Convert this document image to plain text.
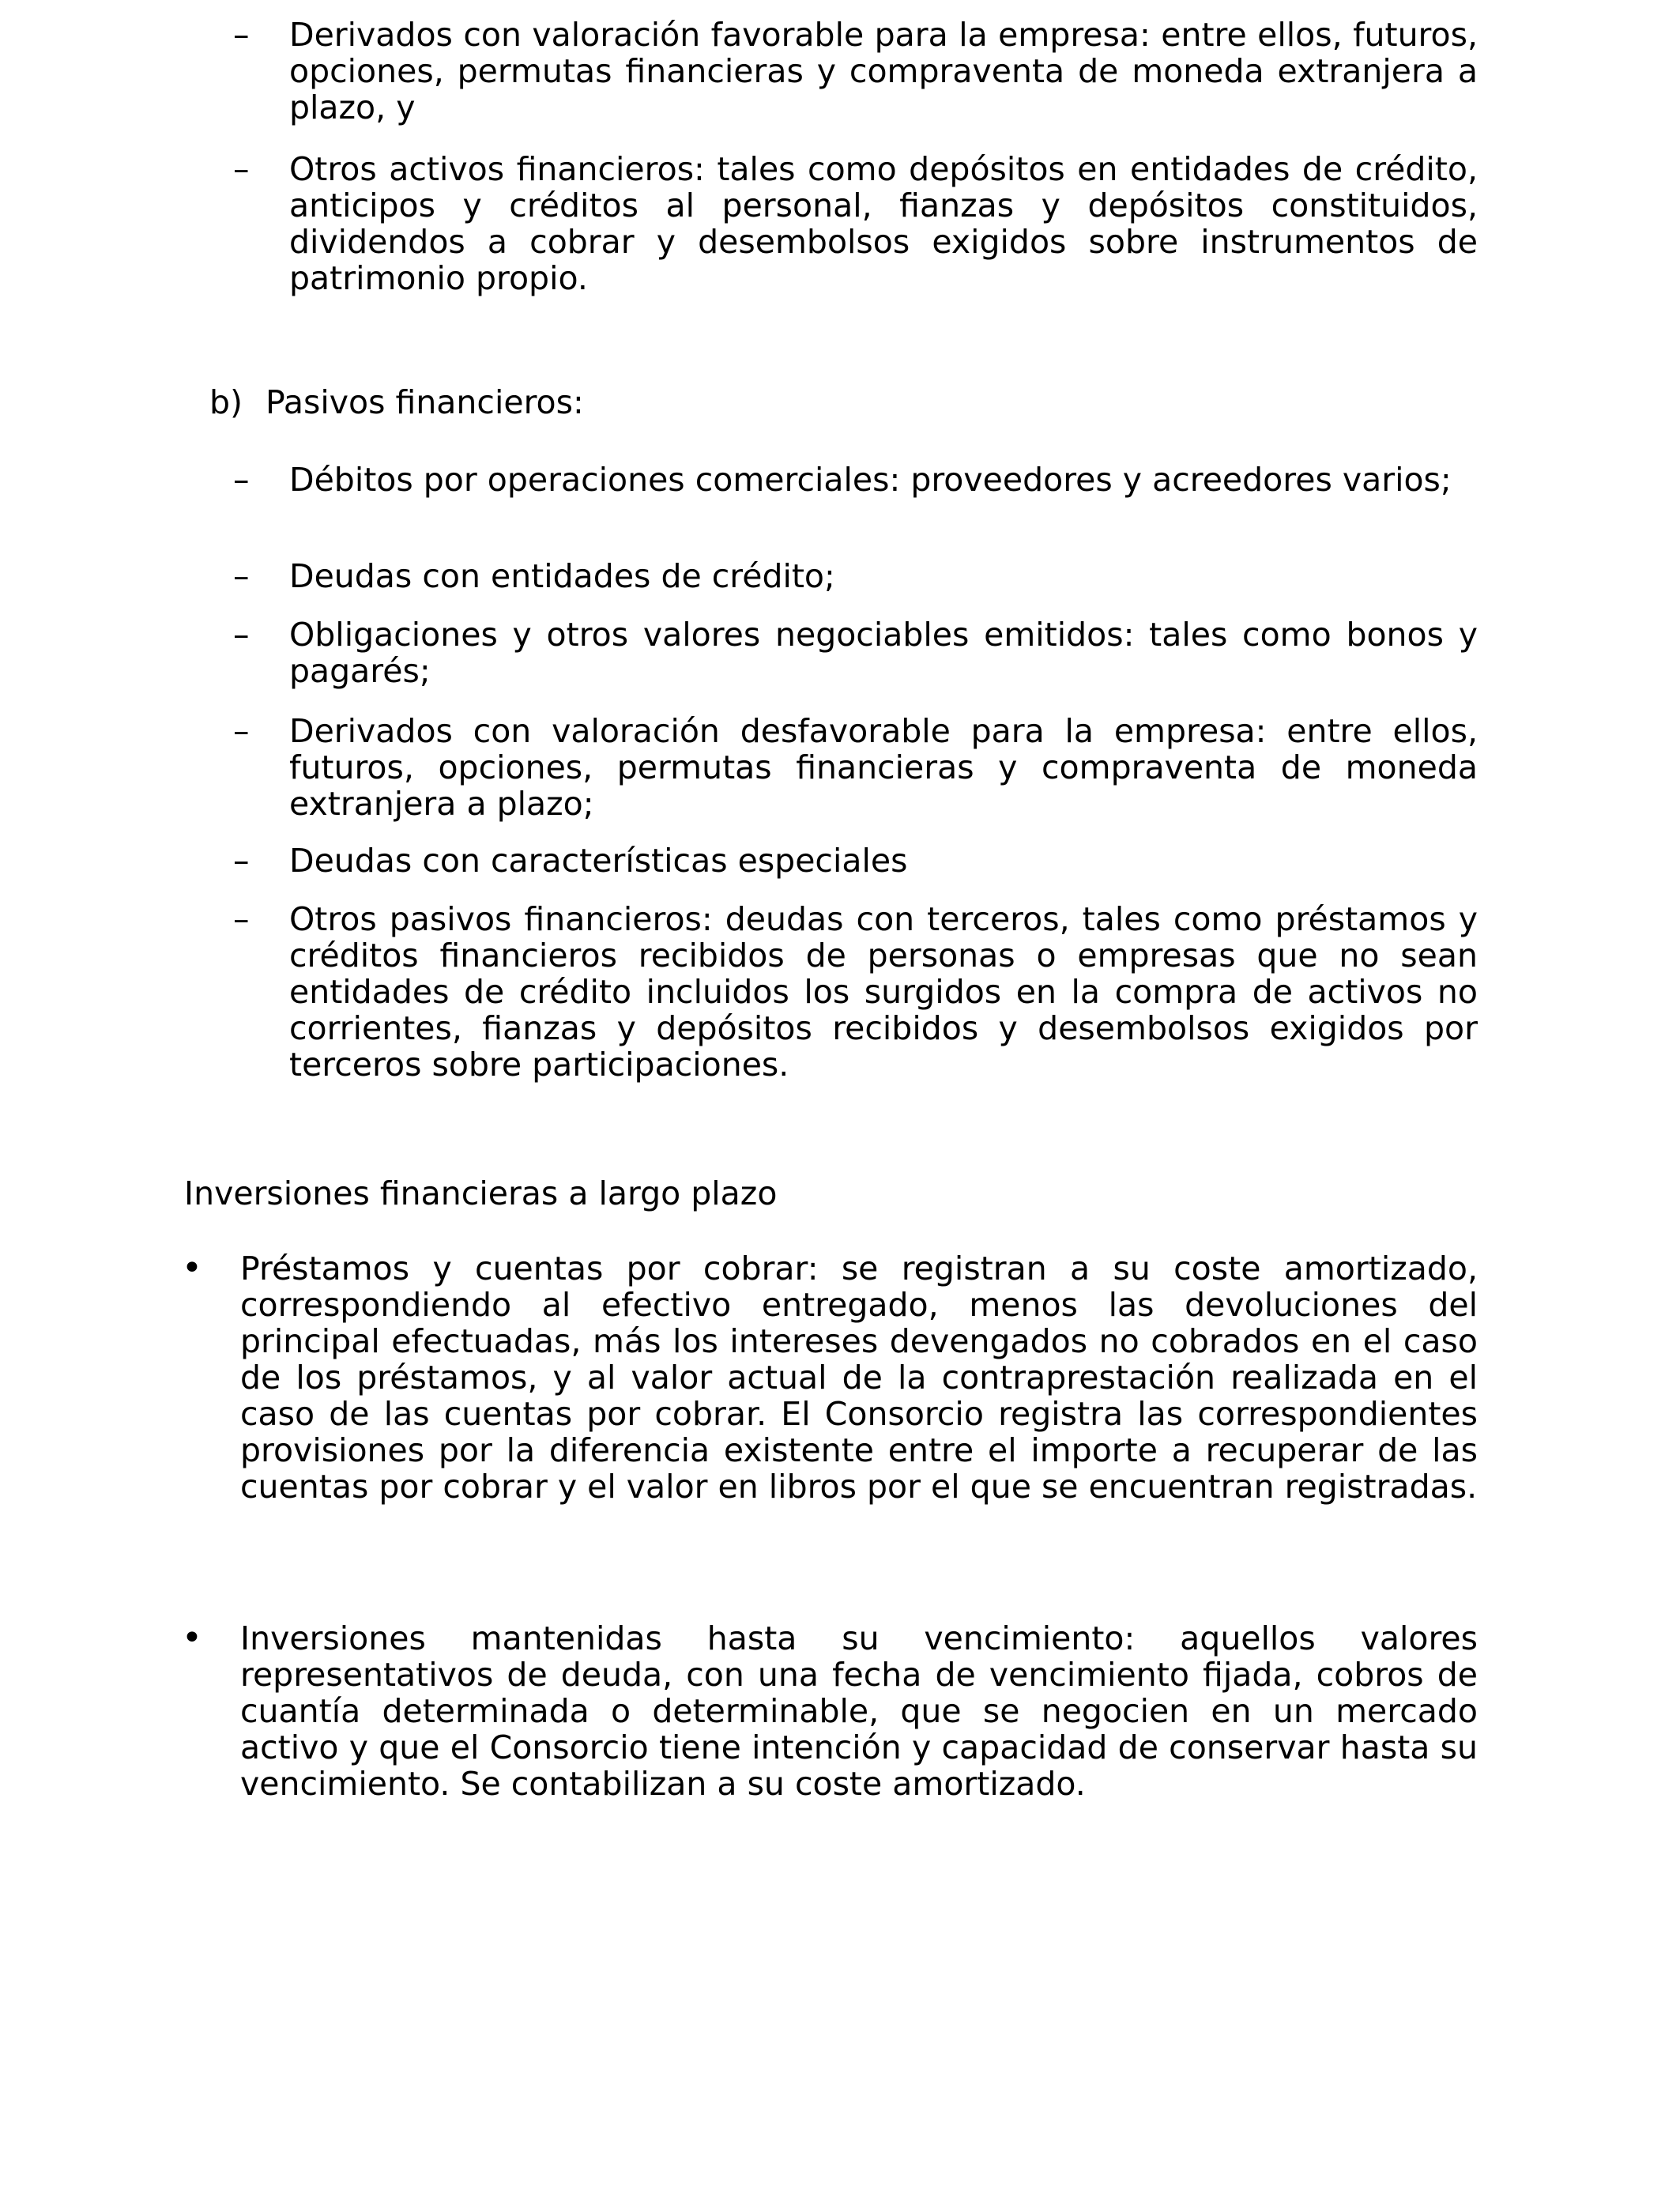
–	Derivados con valoración favorable para la empresa: entre ellos, futuros, opciones, permutas financieras y compraventa de moneda extranjera a plazo, y
–	Otros activos financieros: tales como depósitos en entidades de crédito, anticipos y créditos al personal, fianzas y depósitos constituidos, dividendos a cobrar y desembolsos exigidos sobre instrumentos de patrimonio propio.
b) Pasivos financieros:
–	Débitos por operaciones comerciales: proveedores y acreedores varios;
–	Deudas con entidades de crédito;
–	Obligaciones y otros valores negociables emitidos: tales como bonos y pagarés;
–	Derivados con valoración desfavorable para la empresa: entre ellos, futuros, opciones, permutas financieras y compraventa de moneda extranjera a plazo;
–	Deudas con características especiales
–	Otros pasivos financieros: deudas con terceros, tales como préstamos y créditos financieros recibidos de personas o empresas que no sean entidades de crédito incluidos los surgidos en la compra de activos no corrientes, fianzas y depósitos recibidos y desembolsos exigidos por terceros sobre participaciones.
Inversiones financieras a largo plazo
•	Préstamos y cuentas por cobrar: se registran a su coste amortizado, correspondiendo al efectivo entregado, menos las devoluciones del principal efectuadas, más los intereses devengados no cobrados en el caso de los préstamos, y al valor actual de la contraprestación realizada en el caso de las cuentas por cobrar. El Consorcio registra las correspondientes provisiones por la diferencia existente entre el importe a recuperar de las cuentas por cobrar y el valor en libros por el que se encuentran registradas.
•	Inversiones mantenidas hasta su vencimiento: aquellos valores representativos de deuda, con una fecha de vencimiento fijada, cobros de cuantía determinada o determinable, que se negocien en un mercado activo y que el Consorcio tiene intención y capacidad de conservar hasta su vencimiento. Se contabilizan a su coste amortizado.
